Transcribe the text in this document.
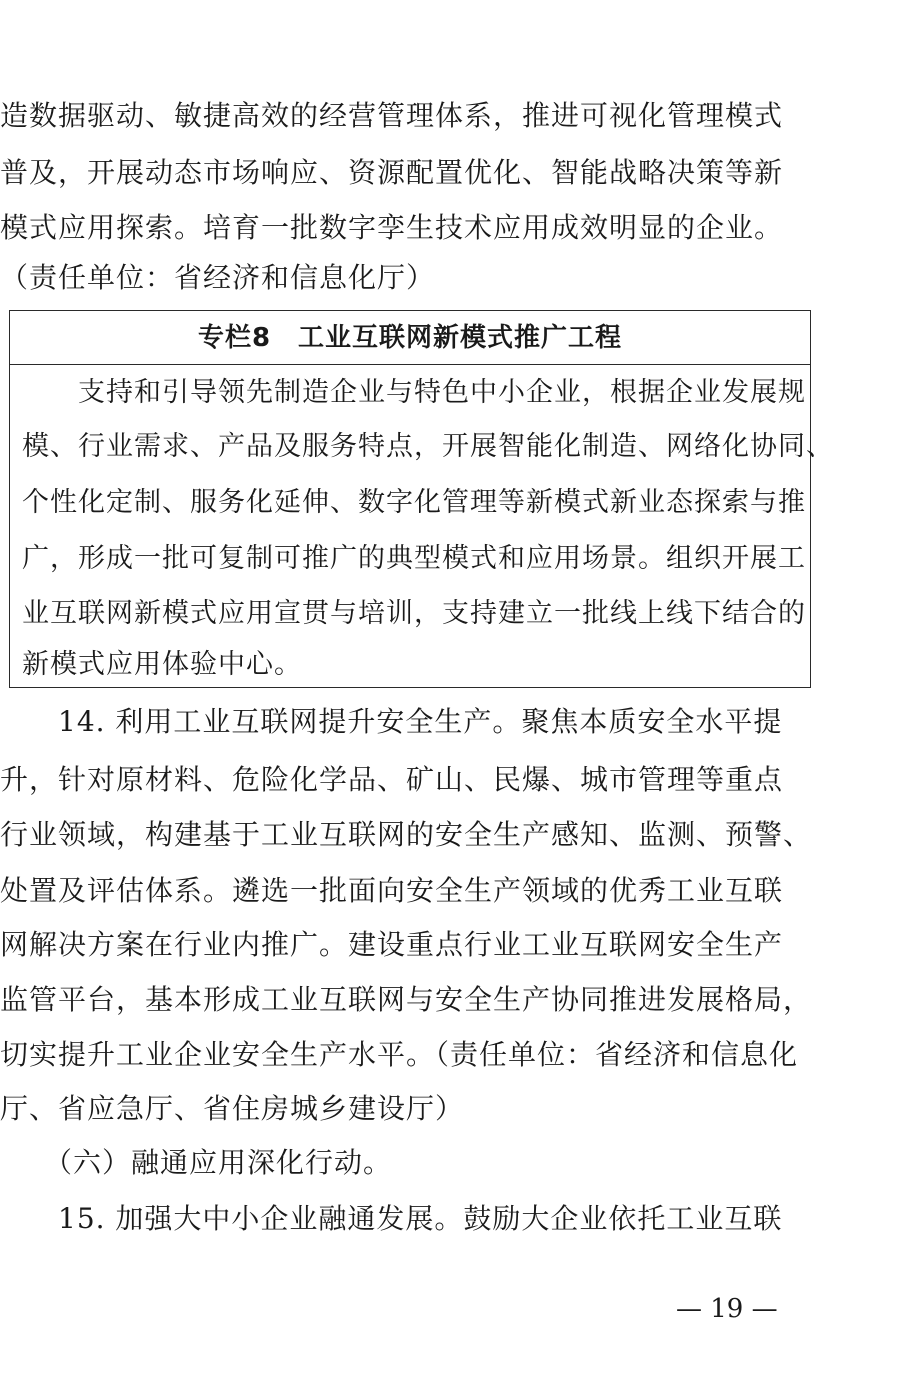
造数据驱动、敏捷高效的经营管理体系，推进可视化管理模式
普及，开展动态市场响应、资源配置优化、智能战略决策等新
模式应用探索。培育一批数字孪生技术应用成效明显的企业。
（责任单位：省经济和信息化厅）
专栏8　工业互联网新模式推广工程
　　支持和引导领先制造企业与特色中小企业，根据企业发展规
模、行业需求、产品及服务特点，开展智能化制造、网络化协同、
个性化定制、服务化延伸、数字化管理等新模式新业态探索与推
广，形成一批可复制可推广的典型模式和应用场景。组织开展工
业互联网新模式应用宣贯与培训，支持建立一批线上线下结合的
新模式应用体验中心。
　　14. 利用工业互联网提升安全生产。聚焦本质安全水平提
升，针对原材料、危险化学品、矿山、民爆、城市管理等重点
行业领域，构建基于工业互联网的安全生产感知、监测、预警、
处置及评估体系。遴选一批面向安全生产领域的优秀工业互联
网解决方案在行业内推广。建设重点行业工业互联网安全生产
监管平台，基本形成工业互联网与安全生产协同推进发展格局，
切实提升工业企业安全生产水平。（责任单位：省经济和信息化
厅、省应急厅、省住房城乡建设厅）
　　（六）融通应用深化行动。
　　15. 加强大中小企业融通发展。鼓励大企业依托工业互联
— 19 —
